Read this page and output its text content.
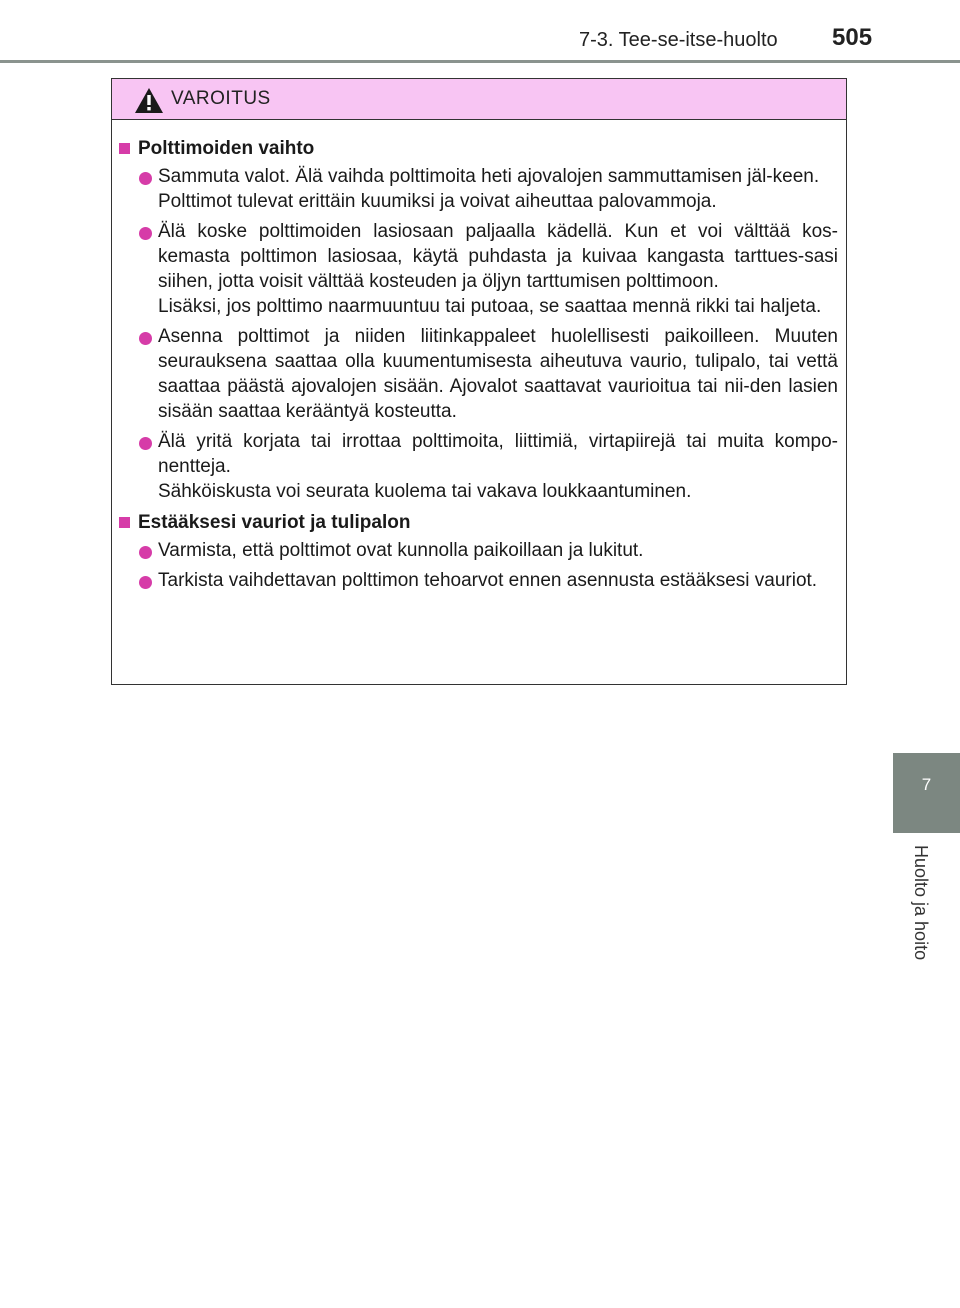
7-3. Tee-se-itse-huolto 505
7
Huolto ja hoito
VAROITUS
Polttimoiden vaihto

Sammuta valot. Älä vaihda polttimoita heti ajovalojen sammuttamisen jäl-keen.

Polttimot tulevat erittäin kuumiksi ja voivat aiheuttaa palovammoja.

Älä koske polttimoiden lasiosaan paljaalla kädellä. Kun et voi välttää kos-kemasta polttimon lasiosaa, käytä puhdasta ja kuivaa kangasta tarttues-sasi siihen, jotta voisit välttää kosteuden ja öljyn tarttumisen polttimoon.

Lisäksi, jos polttimo naarmuuntuu tai putoaa, se saattaa mennä rikki tai haljeta.

Asenna polttimot ja niiden liitinkappaleet huolellisesti paikoilleen. Muuten seurauksena saattaa olla kuumentumisesta aiheutuva vaurio, tulipalo, tai vettä saattaa päästä ajovalojen sisään. Ajovalot saattavat vaurioitua tai nii-den lasien sisään saattaa kerääntyä kosteutta.

Älä yritä korjata tai irrottaa polttimoita, liittimiä, virtapiirejä tai muita kompo-nentteja.

Sähköiskusta voi seurata kuolema tai vakava loukkaantuminen.

Estääksesi vauriot ja tulipalon

Varmista, että polttimot ovat kunnolla paikoillaan ja lukitut.

Tarkista vaihdettavan polttimon tehoarvot ennen asennusta estääksesi vauriot.
